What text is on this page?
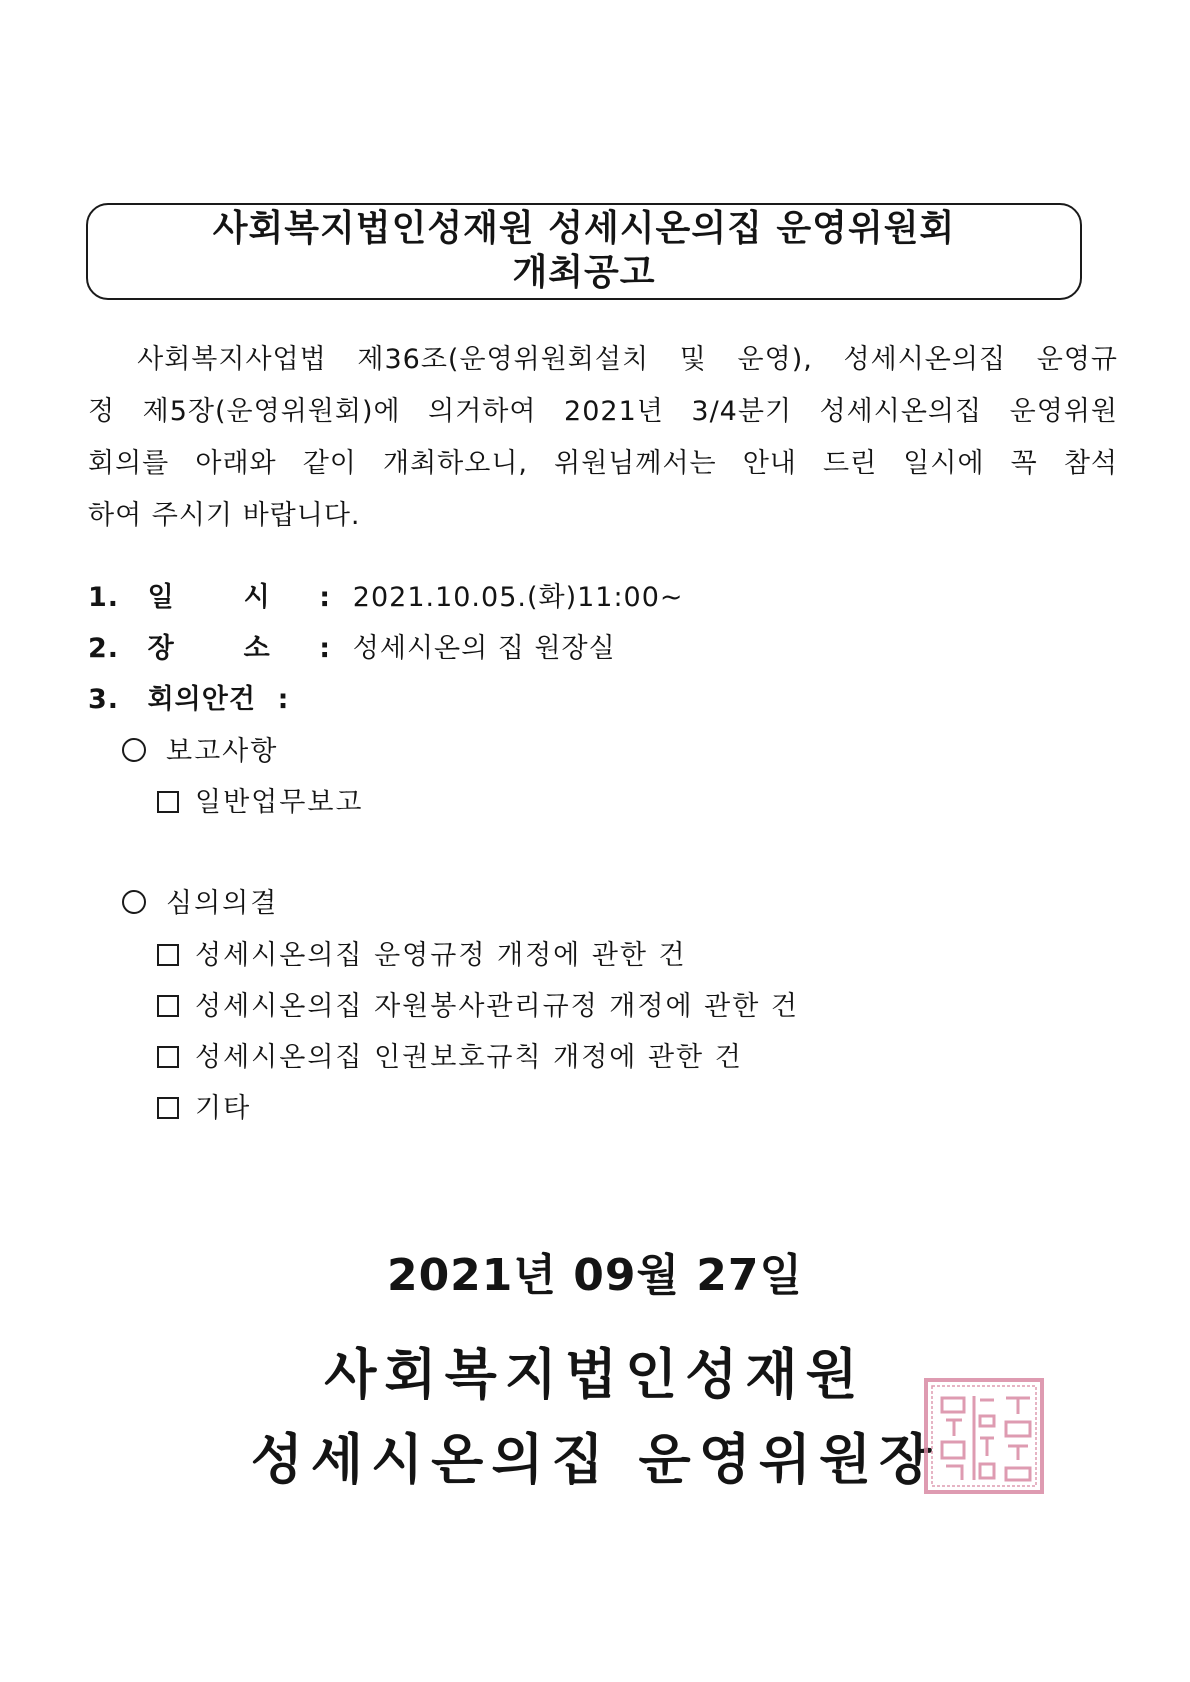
사회복지법인성재원 성세시온의집 운영위원회
개최공고
　사회복지사업법 제36조(운영위원회설치 및 운영), 성세시온의집 운영규
정 제5장(운영위원회)에 의거하여 2021년 3/4분기 성세시온의집 운영위원
회의를 아래와 같이 개최하오니, 위원님께서는 안내 드린 일시에 꼭 참석
하여 주시기 바랍니다.
1. 일	시 : 2021.10.05.(화)11:00~
2. 장	소 : 성세시온의 집 원장실
3. 회의안건 :
보고사항
일반업무보고
심의의결
성세시온의집 운영규정 개정에 관한 건
성세시온의집 자원봉사관리규정 개정에 관한 건
성세시온의집 인권보호규칙 개정에 관한 건
기타
2021년 09월 27일
사회복지법인성재원
성세시온의집 운영위원장
